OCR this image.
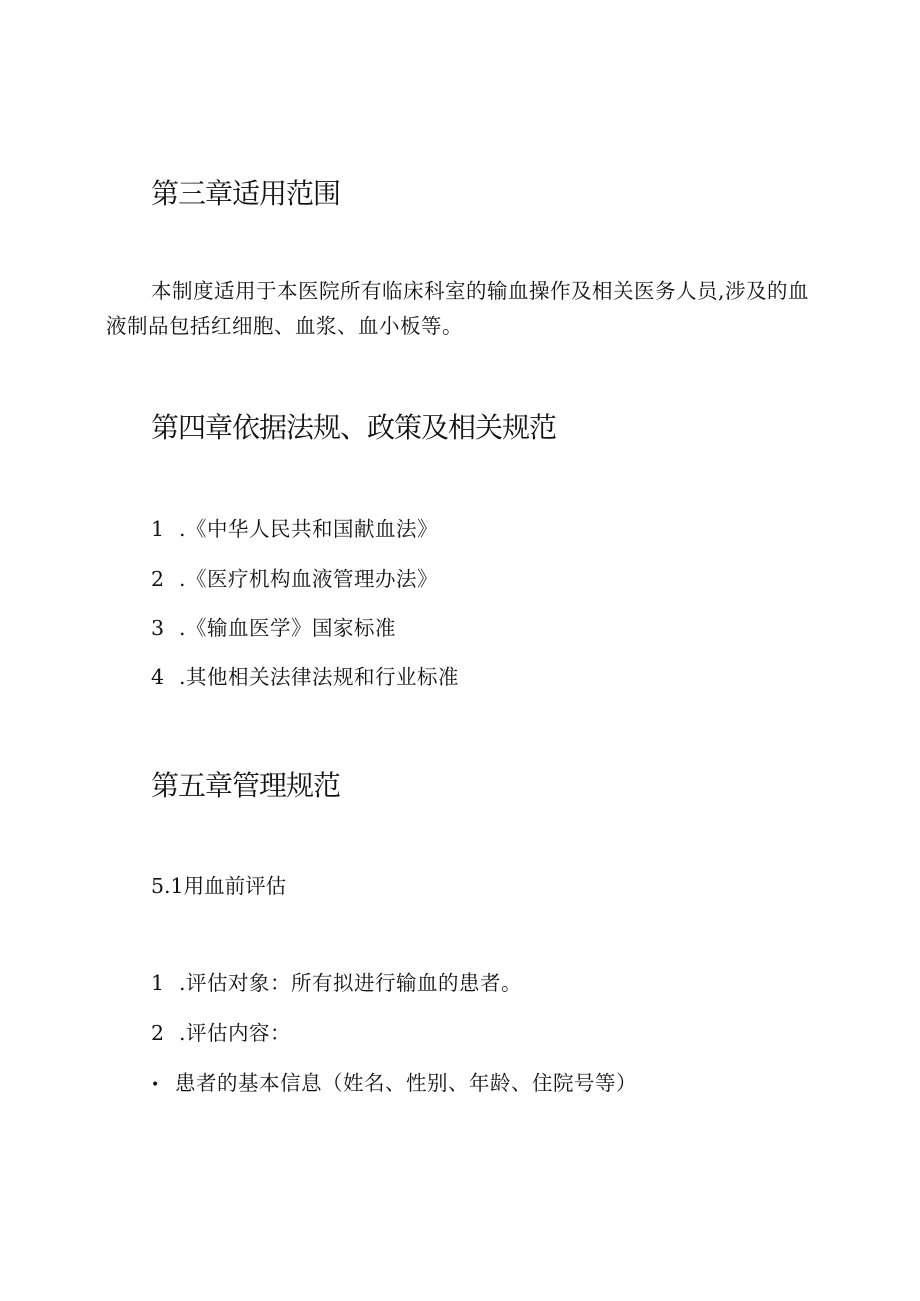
第三章适用范围

本制度适用于本医院所有临床科室的输血操作及相关医务人员,涉及的血液制品包括红细胞、血浆、血小板等。

第四章依据法规、政策及相关规范

1 .《中华人民共和国献血法》

2 .《医疗机构血液管理办法》

3 .《输血医学》国家标准

4 .其他相关法律法规和行业标准

第五章管理规范

5.1用血前评估

1 .评估对象：所有拟进行输血的患者。

2 .评估内容：

• 患者的基本信息（姓名、性别、年龄、住院号等）
